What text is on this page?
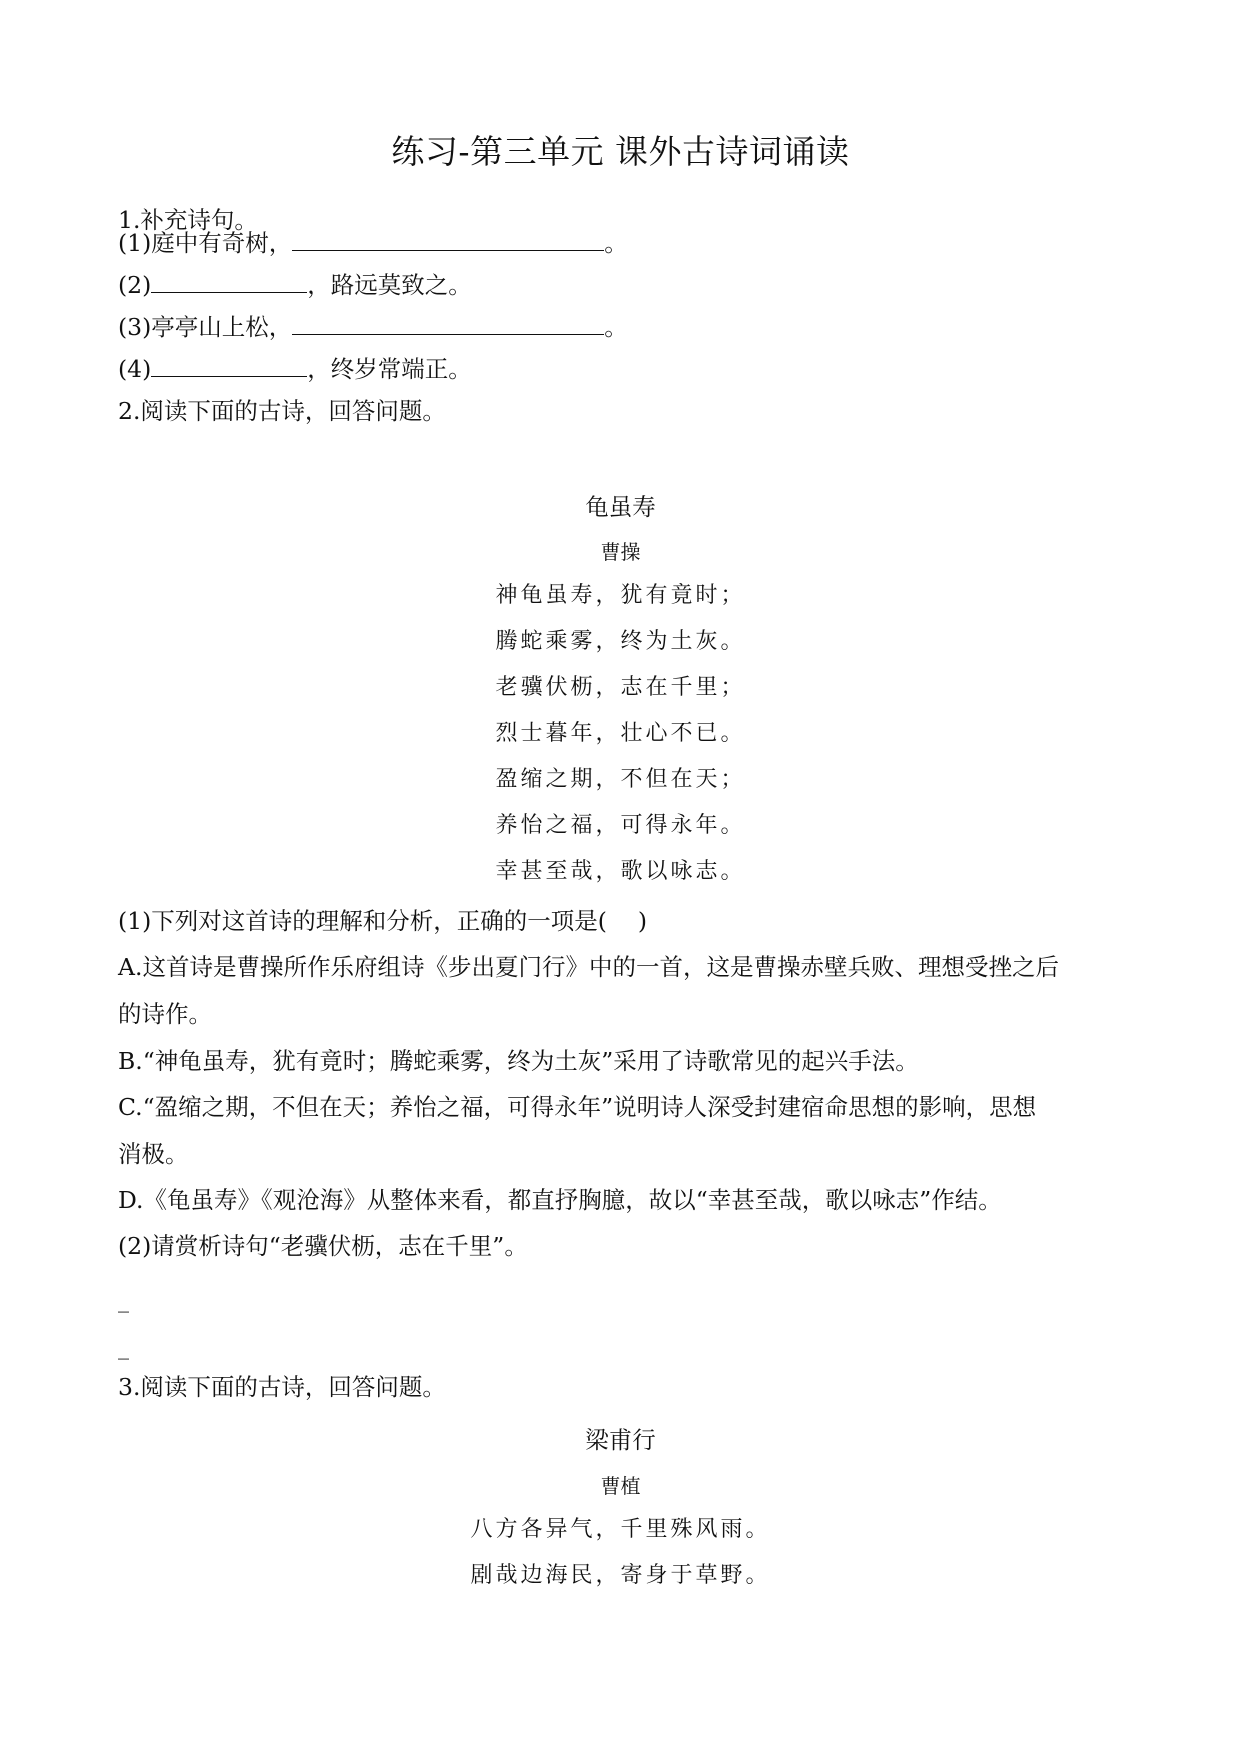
练习-第三单元 课外古诗词诵读
1.补充诗句。
(1)庭中有奇树，	。
(2)	，路远莫致之。
(3)亭亭山上松，	。
(4)	，终岁常端正。
2.阅读下面的古诗，回答问题。
龟虽寿
曹操
神龟虽寿，犹有竟时；
腾蛇乘雾，终为土灰。
老骥伏枥，志在千里；
烈士暮年，壮心不已。
盈缩之期，不但在天；
养怡之福，可得永年。
幸甚至哉，歌以咏志。
(1)下列对这首诗的理解和分析，正确的一项是(　 )
A.这首诗是曹操所作乐府组诗《步出夏门行》中的一首，这是曹操赤壁兵败、理想受挫之后
的诗作。
B.“神龟虽寿，犹有竟时；腾蛇乘雾，终为土灰”采用了诗歌常见的起兴手法。
C.“盈缩之期，不但在天；养怡之福，可得永年”说明诗人深受封建宿命思想的影响，思想
消极。
D.《龟虽寿》《观沧海》从整体来看，都直抒胸臆，故以“幸甚至哉，歌以咏志”作结。
(2)请赏析诗句“老骥伏枥，志在千里”。
_
_
3.阅读下面的古诗，回答问题。
梁甫行
曹植
八方各异气，千里殊风雨。
剧哉边海民，寄身于草野。
